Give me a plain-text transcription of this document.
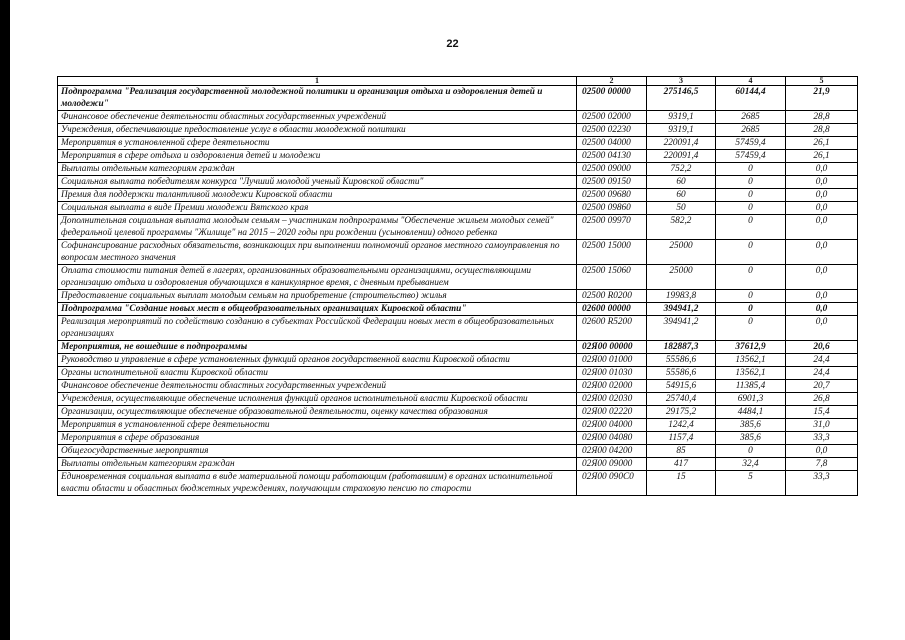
22
1	2	3	4	5
Подпрограмма "Реализация государственной молодежной политики и организация отдыха и оздоровления детей и молодежи"	02500 00000	275146,5	60144,4	21,9
Финансовое обеспечение деятельности областных государственных учреждений	02500 02000	9319,1	2685	28,8
Учреждения, обеспечивающие предоставление услуг в области молодежной политики	02500 02230	9319,1	2685	28,8
Мероприятия в установленной сфере деятельности	02500 04000	220091,4	57459,4	26,1
Мероприятия в сфере отдыха и оздоровления детей и молодежи	02500 04130	220091,4	57459,4	26,1
Выплаты отдельным категориям граждан	02500 09000	752,2	0	0,0
Социальная выплата победителям конкурса "Лучший молодой ученый Кировской области"	02500 09150	60	0	0,0
Премия для поддержки талантливой молодежи Кировской области	02500 09680	60	0	0,0
Социальная выплата в виде Премии молодежи Вятского края	02500 09860	50	0	0,0
Дополнительная социальная выплата молодым семьям – участникам подпрограммы "Обеспечение жильем молодых семей" федеральной целевой программы "Жилище" на 2015 – 2020 годы при рождении (усыновлении) одного ребенка	02500 09970	582,2	0	0,0
Софинансирование расходных обязательств, возникающих при выполнении полномочий органов местного самоуправления по вопросам местного значения	02500 15000	25000	0	0,0
Оплата стоимости питания детей в лагерях, организованных образовательными организациями, осуществляющими организацию отдыха и оздоровления обучающихся в каникулярное время, с дневным пребыванием	02500 15060	25000	0	0,0
Предоставление социальных выплат молодым семьям на приобретение (строительство) жилья	02500 R0200	19983,8	0	0,0
Подпрограмма "Создание новых мест в общеобразовательных организациях Кировской области"	02600 00000	394941,2	0	0,0
Реализация мероприятий по содействию созданию в субъектах Российской Федерации новых мест в общеобразовательных организациях	02600 R5200	394941,2	0	0,0
Мероприятия, не вошедшие в подпрограммы	02Я00 00000	182887,3	37612,9	20,6
Руководство и управление в сфере установленных функций органов государственной власти Кировской области	02Я00 01000	55586,6	13562,1	24,4
Органы исполнительной власти Кировской области	02Я00 01030	55586,6	13562,1	24,4
Финансовое обеспечение деятельности областных государственных учреждений	02Я00 02000	54915,6	11385,4	20,7
Учреждения, осуществляющие обеспечение исполнения функций органов исполнительной власти Кировской области	02Я00 02030	25740,4	6901,3	26,8
Организации, осуществляющие обеспечение образовательной деятельности, оценку качества образования	02Я00 02220	29175,2	4484,1	15,4
Мероприятия в установленной сфере деятельности	02Я00 04000	1242,4	385,6	31,0
Мероприятия в сфере образования	02Я00 04080	1157,4	385,6	33,3
Общегосударственные мероприятия	02Я00 04200	85	0	0,0
Выплаты отдельным категориям граждан	02Я00 09000	417	32,4	7,8
Единовременная социальная выплата в виде материальной помощи работающим (работавшим) в органах исполнительной власти области и областных бюджетных учреждениях, получающим страховую пенсию по старости	02Я00 090C0	15	5	33,3
